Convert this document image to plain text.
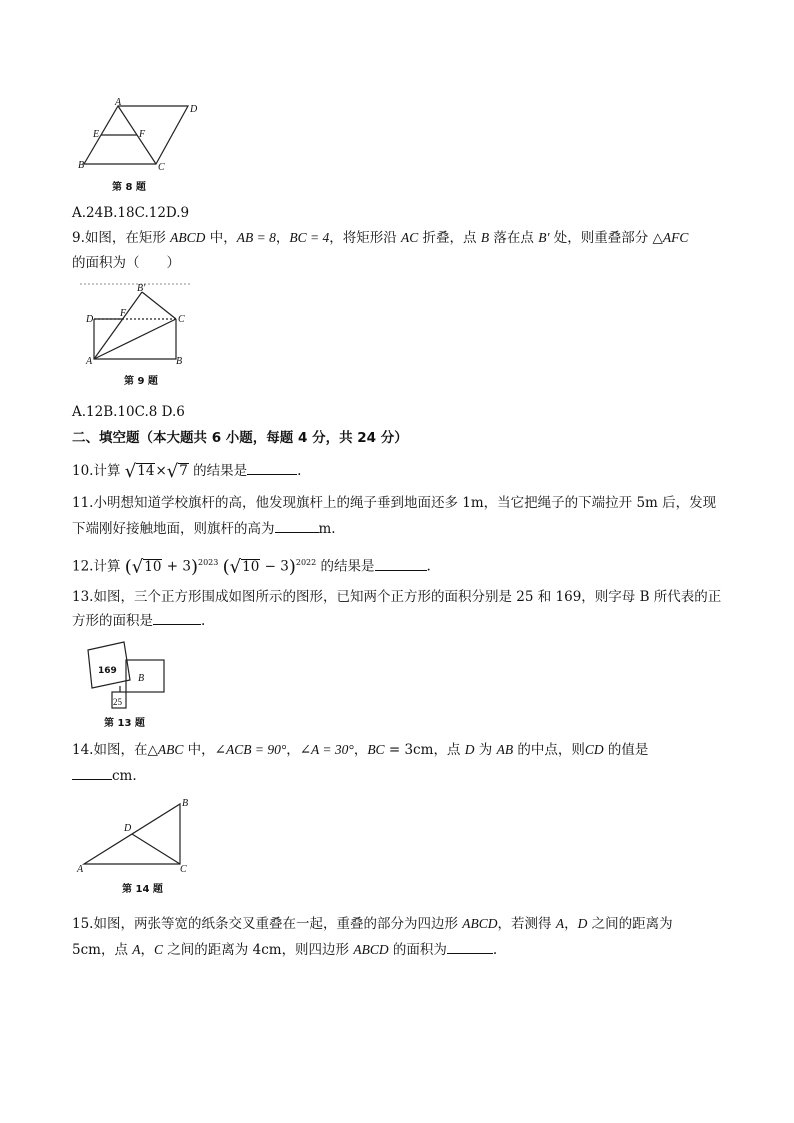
A
D
E	F
B	C
第 8 题
A.24B.18C.12D.9
9.如图，在矩形 ABCD 中，AB = 8，BC = 4，将矩形沿 AC 折叠，点 B 落在点 B′ 处，则重叠部分 △AFC
的面积为（　　）
B'
D
F
C
A	B
第 9 题
A.12B.10C.8 D.6
二、填空题（本大题共 6 小题，每题 4 分，共 24 分）
10.计算 √14×√7 的结果是	.
11.小明想知道学校旗杆的高，他发现旗杆上的绳子垂到地面还多 1m，当它把绳子的下端拉开 5m 后，发现
下端刚好接触地面，则旗杆的高为	m.
12.计算 $(√10 + 3)^{2023}$ $(√10 - 3)^{2022}$ 的结果是	.
13.如图，三个正方形围成如图所示的图形，已知两个正方形的面积分别是 25 和 169，则字母 B 所代表的正
方形的面积是	.
169
B
25
第 13 题
14.如图，在△ABC 中，∠ACB = 90°，∠A = 30°，BC = 3cm，点 D 为 AB 的中点，则CD 的值是
cm.
B
D
A	C
第 14 题
15.如图，两张等宽的纸条交叉重叠在一起，重叠的部分为四边形 ABCD，若测得 A，D 之间的距离为
5cm，点 A，C 之间的距离为 4cm，则四边形 ABCD 的面积为	.
